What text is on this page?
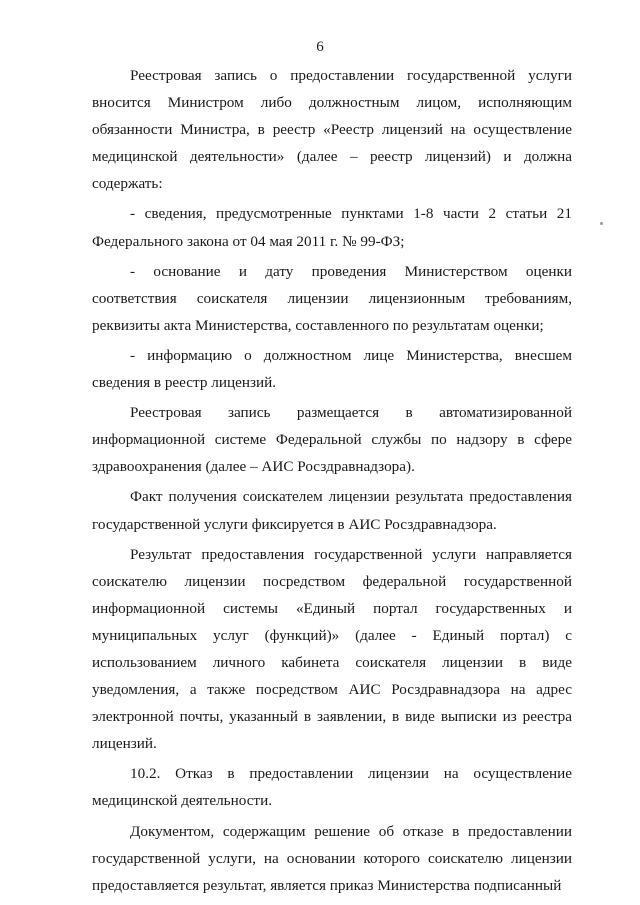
6

Реестровая запись о предоставлении государственной услуги вносится Министром либо должностным лицом, исполняющим обязанности Министра, в реестр «Реестр лицензий на осуществление медицинской деятельности» (далее – реестр лицензий) и должна содержать:

- сведения, предусмотренные пунктами 1-8 части 2 статьи 21 Федерального закона от 04 мая 2011 г. № 99-ФЗ;

- основание и дату проведения Министерством оценки соответствия соискателя лицензии лицензионным требованиям, реквизиты акта Министерства, составленного по результатам оценки;

- информацию о должностном лице Министерства, внесшем сведения в реестр лицензий.

Реестровая запись размещается в автоматизированной информационной системе Федеральной службы по надзору в сфере здравоохранения (далее – АИС Росздравнадзора).

Факт получения соискателем лицензии результата предоставления государственной услуги фиксируется в АИС Росздравнадзора.

Результат предоставления государственной услуги направляется соискателю лицензии посредством федеральной государственной информационной системы «Единый портал государственных и муниципальных услуг (функций)» (далее - Единый портал) с использованием личного кабинета соискателя лицензии в виде уведомления, а также посредством АИС Росздравнадзора на адрес электронной почты, указанный в заявлении, в виде выписки из реестра лицензий.

10.2. Отказ в предоставлении лицензии на осуществление медицинской деятельности.

Документом, содержащим решение об отказе в предоставлении государственной услуги, на основании которого соискателю лицензии предоставляется результат, является приказ Министерства подписанный
